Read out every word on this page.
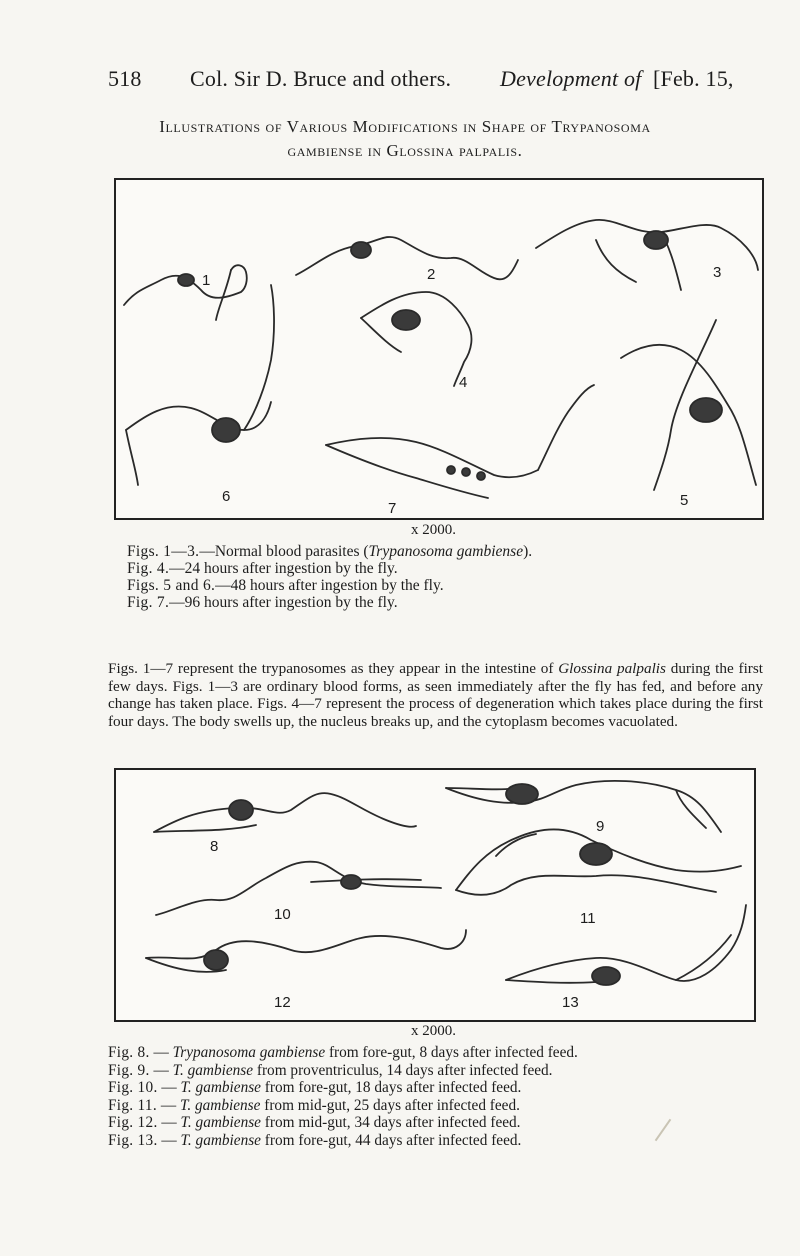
518 Col. Sir D. Bruce and others. Development of [Feb. 15,
Illustrations of Various Modifications in Shape of Trypanosoma
gambiense in Glossina palpalis.
1	2	3
4
5
6
7
x 2000.
Figs. 1—3.—Normal blood parasites (Trypanosoma gambiense).
Fig. 4.—24 hours after ingestion by the fly.
Figs. 5 and 6.—48 hours after ingestion by the fly.
Fig. 7.—96 hours after ingestion by the fly.
Figs. 1—7 represent the trypanosomes as they appear in the intestine of Glossina palpalis during the first few days. Figs. 1—3 are ordinary blood forms, as seen immediately after the fly has fed, and before any change has taken place. Figs. 4—7 represent the process of degeneration which takes place during the first four days. The body swells up, the nucleus breaks up, and the cytoplasm becomes vacuolated.
8
9
10	11
12	13
x 2000.
Fig. 8. — Trypanosoma gambiense from fore-gut, 8 days after infected feed.
Fig. 9. — T. gambiense from proventriculus, 14 days after infected feed.
Fig. 10. — T. gambiense from fore-gut, 18 days after infected feed.
Fig. 11. — T. gambiense from mid-gut, 25 days after infected feed.
Fig. 12. — T. gambiense from mid-gut, 34 days after infected feed.
Fig. 13. — T. gambiense from fore-gut, 44 days after infected feed.
